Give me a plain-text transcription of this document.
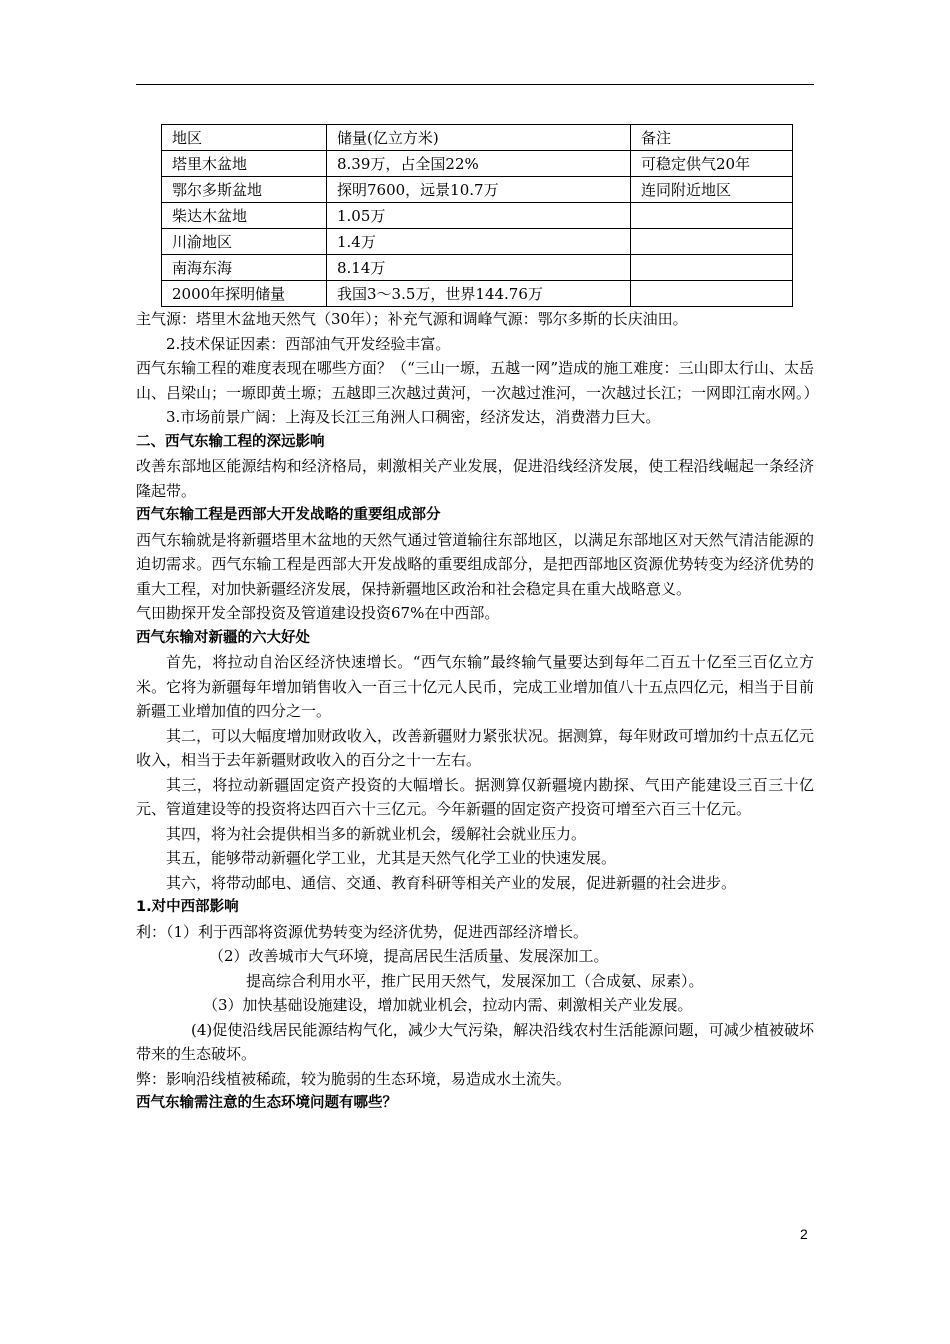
地区	储量(亿立方米)	备注
塔里木盆地	8.39万，占全国22%	可稳定供气20年
鄂尔多斯盆地	探明7600，远景10.7万	连同附近地区
柴达木盆地	1.05万	
川渝地区	1.4万	
南海东海	8.14万	
2000年探明储量	我国3～3.5万，世界144.76万	

主气源：塔里木盆地天然气（30年）；补充气源和调峰气源：鄂尔多斯的长庆油田。

2.技术保证因素：西部油气开发经验丰富。

西气东输工程的难度表现在哪些方面？（“三山一塬，五越一网”造成的施工难度：三山即太行山、太岳山、吕梁山；一塬即黄土塬；五越即三次越过黄河，一次越过淮河，一次越过长江；一网即江南水网。）

3.市场前景广阔：上海及长江三角洲人口稠密，经济发达，消费潜力巨大。

二、西气东输工程的深远影响

改善东部地区能源结构和经济格局，刺激相关产业发展，促进沿线经济发展，使工程沿线崛起一条经济隆起带。

西气东输工程是西部大开发战略的重要组成部分

西气东输就是将新疆塔里木盆地的天然气通过管道输往东部地区，以满足东部地区对天然气清洁能源的迫切需求。西气东输工程是西部大开发战略的重要组成部分，是把西部地区资源优势转变为经济优势的重大工程，对加快新疆经济发展，保持新疆地区政治和社会稳定具在重大战略意义。

气田勘探开发全部投资及管道建设投资67%在中西部。

西气东输对新疆的六大好处

首先，将拉动自治区经济快速增长。“西气东输”最终输气量要达到每年二百五十亿至三百亿立方米。它将为新疆每年增加销售收入一百三十亿元人民币，完成工业增加值八十五点四亿元，相当于目前新疆工业增加值的四分之一。

其二，可以大幅度增加财政收入，改善新疆财力紧张状况。据测算，每年财政可增加约十点五亿元收入，相当于去年新疆财政收入的百分之十一左右。

其三，将拉动新疆固定资产投资的大幅增长。据测算仅新疆境内勘探、气田产能建设三百三十亿元、管道建设等的投资将达四百六十三亿元。今年新疆的固定资产投资可增至六百三十亿元。

其四，将为社会提供相当多的新就业机会，缓解社会就业压力。

其五，能够带动新疆化学工业，尤其是天然气化学工业的快速发展。

其六，将带动邮电、通信、交通、教育科研等相关产业的发展，促进新疆的社会进步。

1.对中西部影响

利：（1）利于西部将资源优势转变为经济优势，促进西部经济增长。

（2）改善城市大气环境，提高居民生活质量、发展深加工。

提高综合利用水平，推广民用天然气，发展深加工（合成氨、尿素）。

（3）加快基础设施建设，增加就业机会，拉动内需、刺激相关产业发展。

(4)促使沿线居民能源结构气化，减少大气污染，解决沿线农村生活能源问题，可减少植被破坏带来的生态破坏。

弊：影响沿线植被稀疏，较为脆弱的生态环境，易造成水土流失。

西气东输需注意的生态环境问题有哪些？

2
